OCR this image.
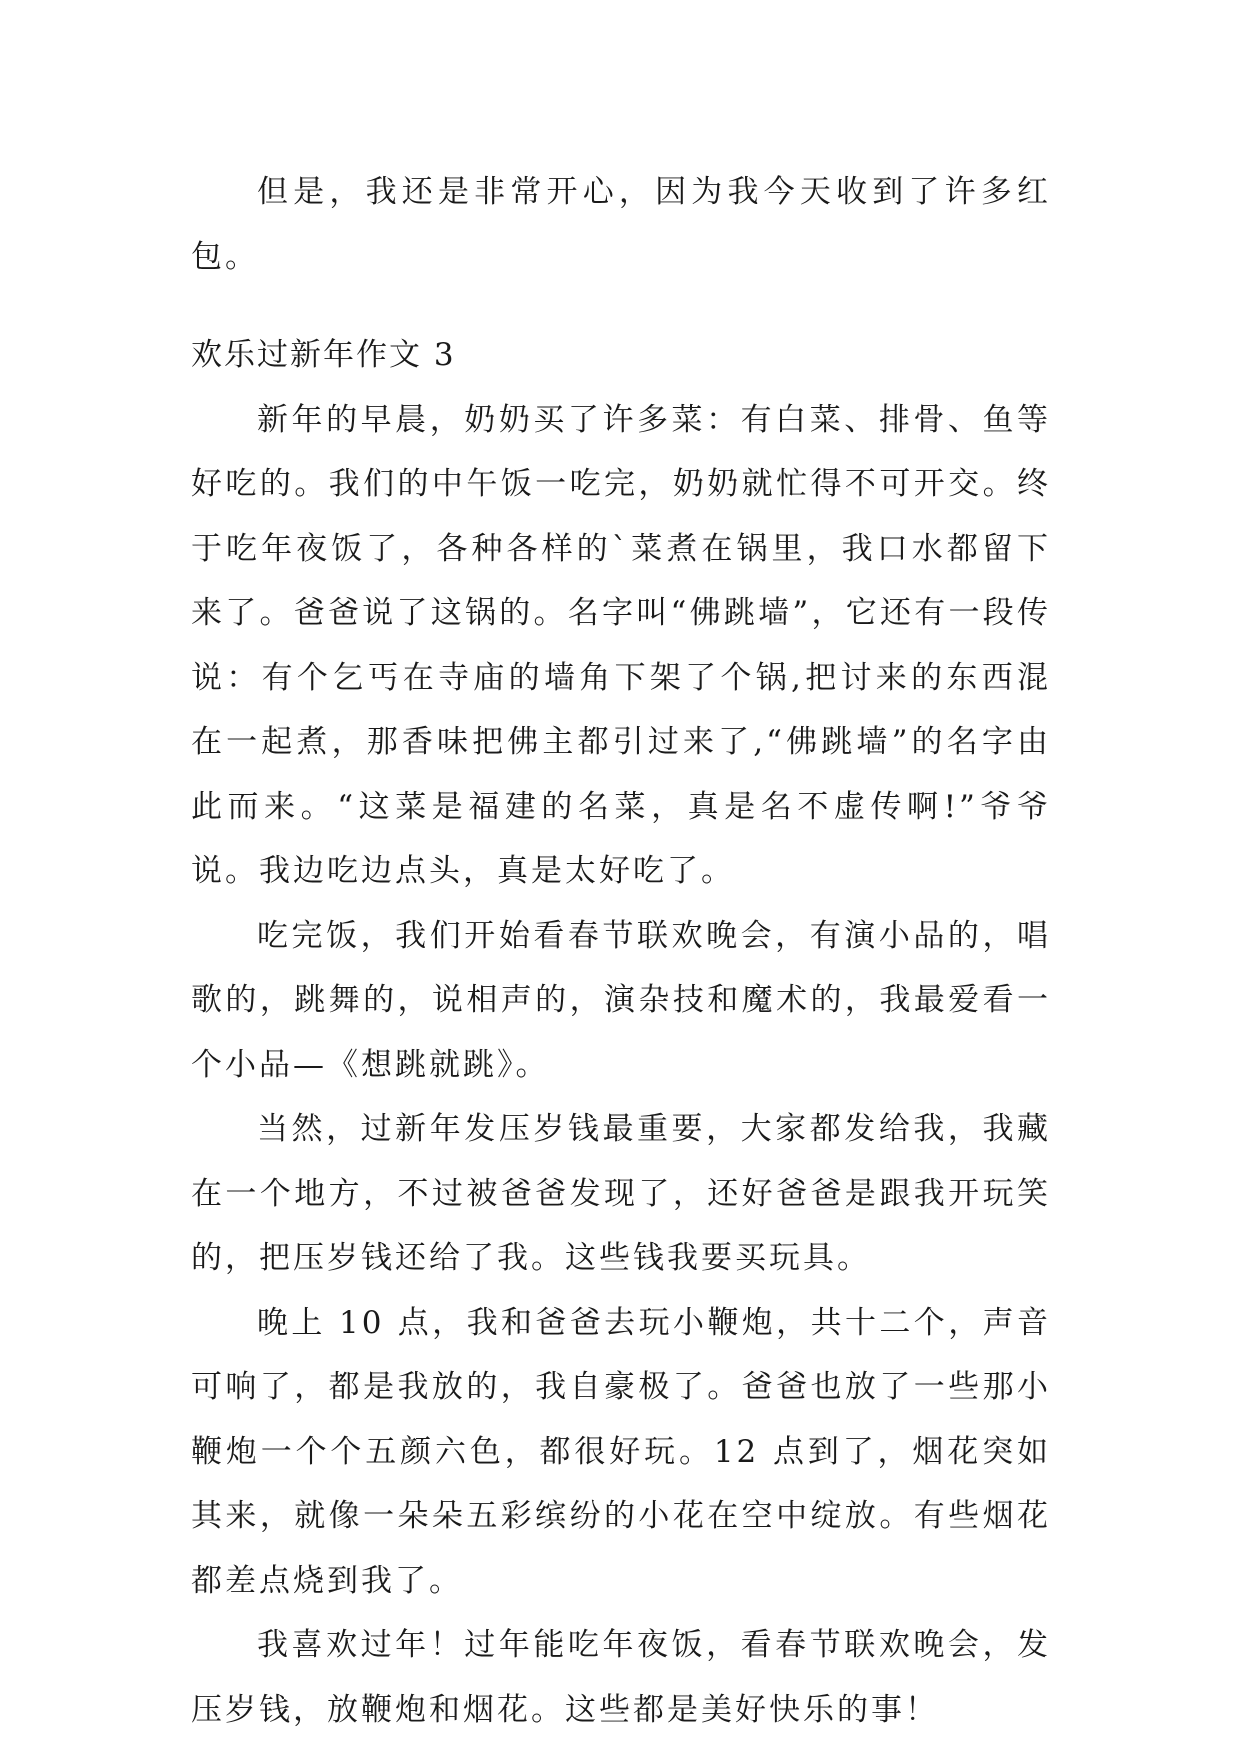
但是，我还是非常开心，因为我今天收到了许多红包。

欢乐过新年作文 3

新年的早晨，奶奶买了许多菜：有白菜、排骨、鱼等好吃的。我们的中午饭一吃完，奶奶就忙得不可开交。终于吃年夜饭了，各种各样的`菜煮在锅里，我口水都留下来了。爸爸说了这锅的。名字叫“佛跳墙”，它还有一段传说：有个乞丐在寺庙的墙角下架了个锅,把讨来的东西混在一起煮，那香味把佛主都引过来了,“佛跳墙”的名字由此而来。“这菜是福建的名菜，真是名不虚传啊!”爷爷说。我边吃边点头，真是太好吃了。

吃完饭，我们开始看春节联欢晚会，有演小品的，唱歌的，跳舞的，说相声的，演杂技和魔术的，我最爱看一个小品—《想跳就跳》。

当然，过新年发压岁钱最重要，大家都发给我，我藏在一个地方，不过被爸爸发现了，还好爸爸是跟我开玩笑的，把压岁钱还给了我。这些钱我要买玩具。

晚上 10 点，我和爸爸去玩小鞭炮，共十二个，声音可响了，都是我放的，我自豪极了。爸爸也放了一些那小鞭炮一个个五颜六色，都很好玩。12 点到了，烟花突如其来，就像一朵朵五彩缤纷的小花在空中绽放。有些烟花都差点烧到我了。

我喜欢过年！过年能吃年夜饭，看春节联欢晚会，发压岁钱，放鞭炮和烟花。这些都是美好快乐的事！
